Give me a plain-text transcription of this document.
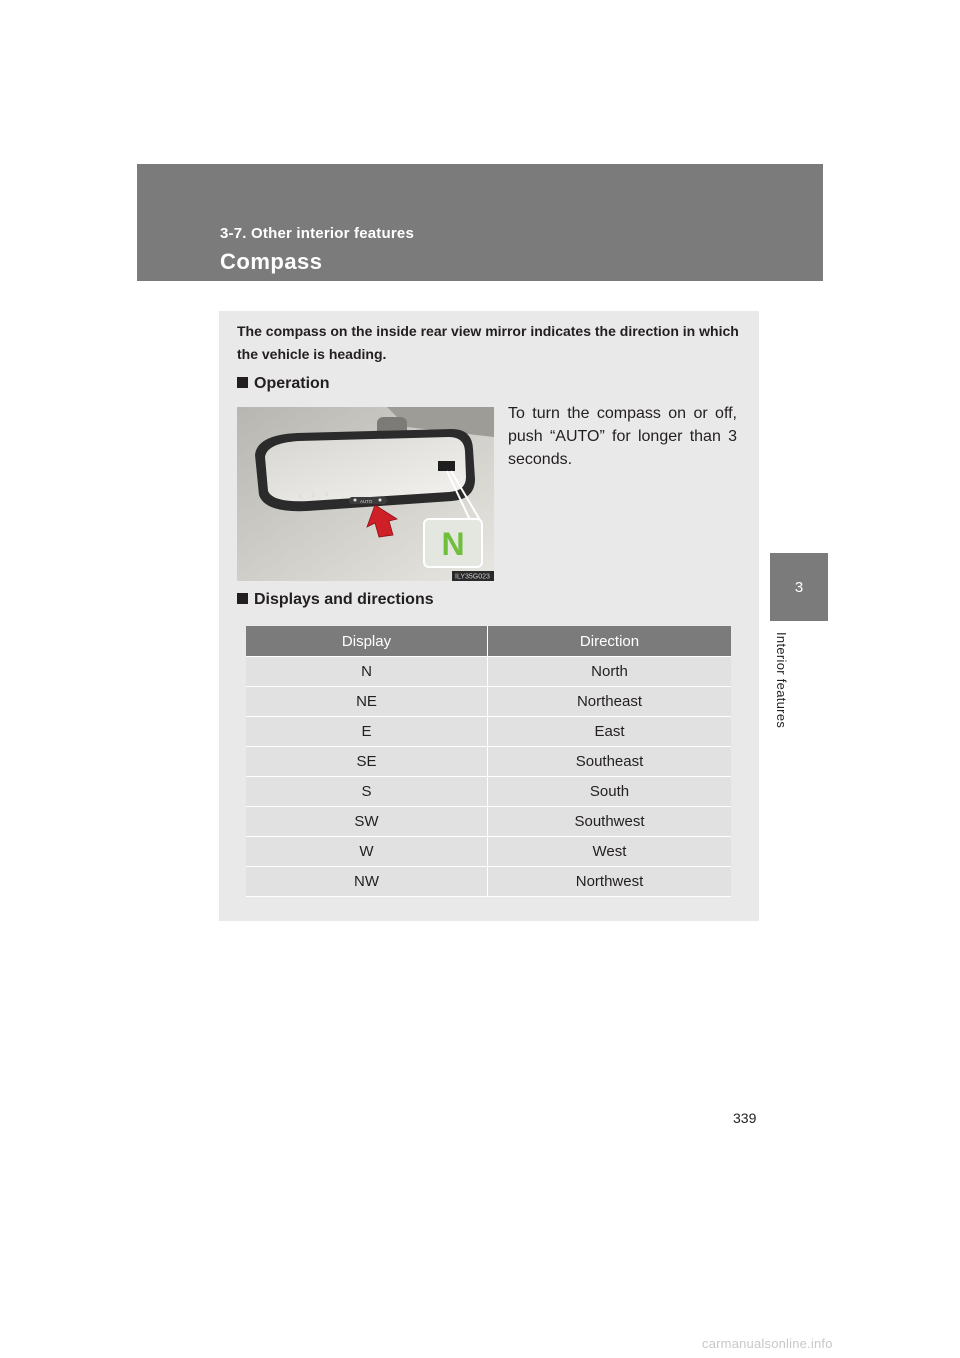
3-7. Other interior features
Compass
3
Interior features
The compass on the inside rear view mirror indicates the direction in which the vehicle is heading.
Operation
1 2 3
AUTO
N
ILY35G023
To turn the compass on or off, push “AUTO” for longer than 3 seconds.
Displays and directions
Display	Direction
N	North
NE	Northeast
E	East
SE	Southeast
S	South
SW	Southwest
W	West
NW	Northwest
339
carmanualsonline.info
